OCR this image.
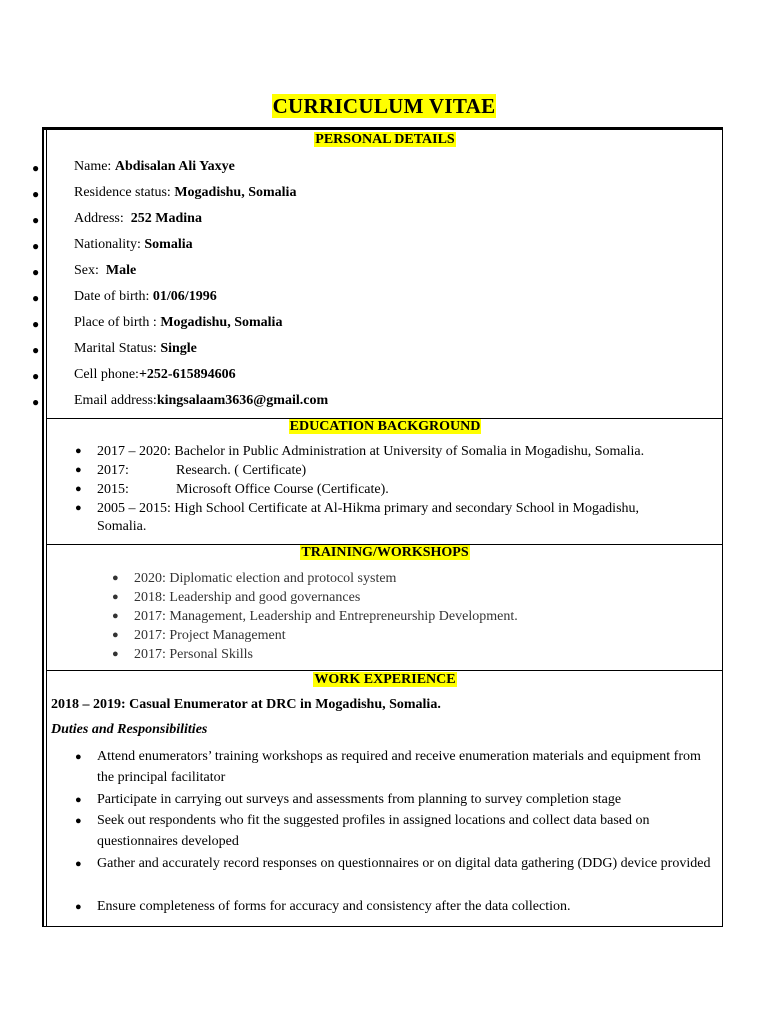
CURRICULUM VITAE
PERSONAL DETAILS
EDUCATION BACKGROUND
● 2017 – 2020: Bachelor in Public Administration at University of Somalia in Mogadishu, Somalia.
● 2017:	Research. ( Certificate)
● 2015:	Microsoft Office Course (Certificate).
● 2005 – 2015: High School Certificate at Al-Hikma primary and secondary School in Mogadishu,
Somalia.
TRAINING/WORKSHOPS
● 2020: Diplomatic election and protocol system
● 2018: Leadership and good governances
● 2017: Management, Leadership and Entrepreneurship Development.
● 2017: Project Management
● 2017: Personal Skills
WORK EXPERIENCE
2018 – 2019: Casual Enumerator at DRC in Mogadishu, Somalia.
Duties and Responsibilities
● Attend enumerators’ training workshops as required and receive enumeration materials and equipment from the principal facilitator
● Participate in carrying out surveys and assessments from planning to survey completion stage
● Seek out respondents who fit the suggested profiles in assigned locations and collect data based on questionnaires developed
● Gather and accurately record responses on questionnaires or on digital data gathering (DDG) device provided
● Ensure completeness of forms for accuracy and consistency after the data collection.
● Name: Abdisalan Ali Yaxye
● Residence status: Mogadishu, Somalia
● Address:  252 Madina
● Nationality: Somalia
● Sex:  Male
● Date of birth: 01/06/1996
● Place of birth : Mogadishu, Somalia
● Marital Status: Single
● Cell phone:+252-615894606
● Email address:kingsalaam3636@gmail.com
